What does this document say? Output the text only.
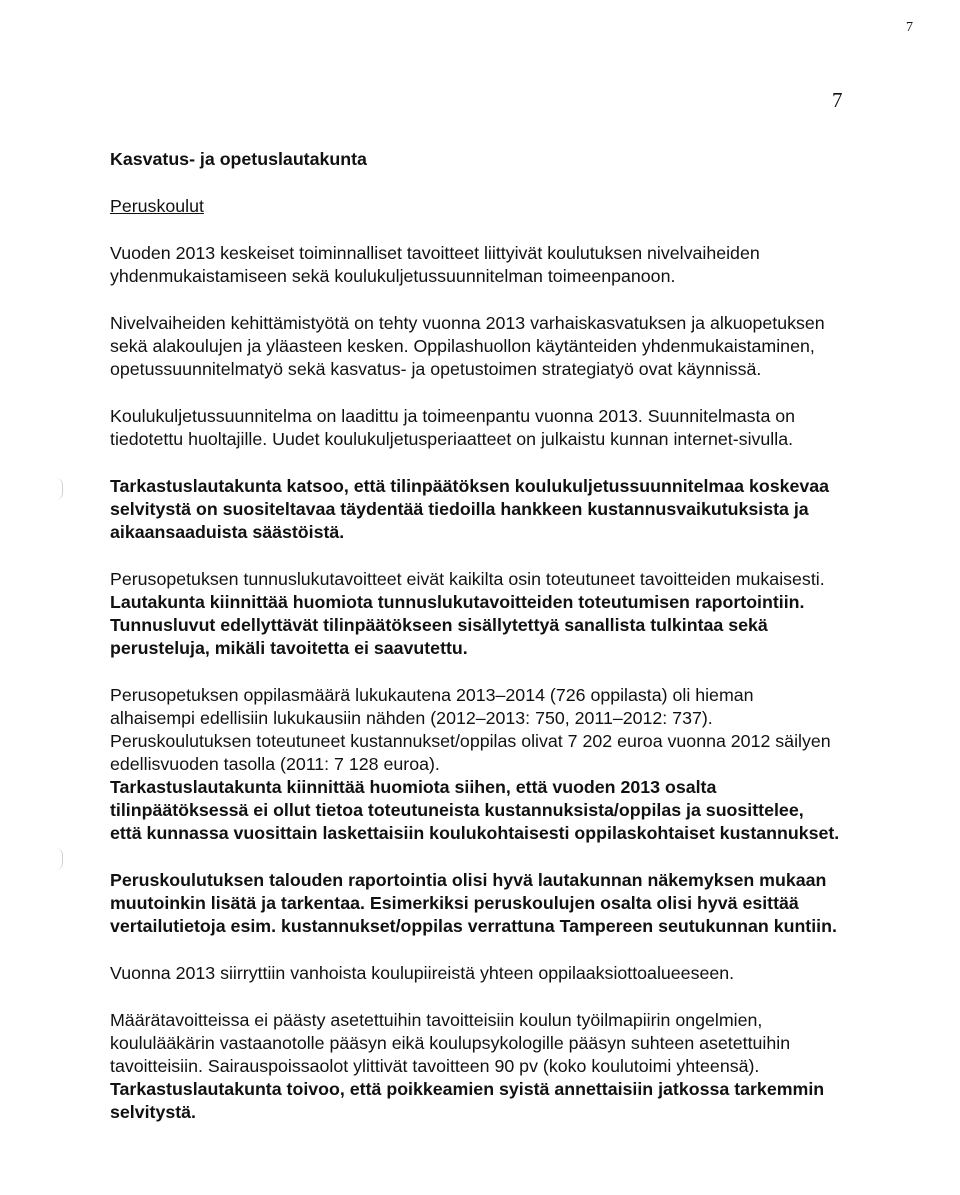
7
7
Kasvatus- ja opetuslautakunta
Peruskoulut

Vuoden 2013 keskeiset toiminnalliset tavoitteet liittyivät koulutuksen nivelvaiheiden yhdenmukaistamiseen sekä koulukuljetussuunnitelman toimeenpanoon.

Nivelvaiheiden kehittämistyötä on tehty vuonna 2013 varhaiskasvatuksen ja alkuopetuksen sekä alakoulujen ja yläasteen kesken. Oppilashuollon käytänteiden yhdenmukaistaminen, opetussuunnitelmatyö sekä kasvatus- ja opetustoimen strategiatyö ovat käynnissä.

Koulukuljetussuunnitelma on laadittu ja toimeenpantu vuonna 2013. Suunnitelmasta on tiedotettu huoltajille. Uudet koulukuljetusperiaatteet on julkaistu kunnan internet-sivulla.

Tarkastuslautakunta katsoo, että tilinpäätöksen koulukuljetussuunnitelmaa koskevaa selvitystä on suositeltavaa täydentää tiedoilla hankkeen kustannusvaikutuksista ja aikaansaaduista säästöistä.

Perusopetuksen tunnuslukutavoitteet eivät kaikilta osin toteutuneet tavoitteiden mukaisesti. Lautakunta kiinnittää huomiota tunnuslukutavoitteiden toteutumisen raportointiin. Tunnusluvut edellyttävät tilinpäätökseen sisällytettyä sanallista tulkintaa sekä perusteluja, mikäli tavoitetta ei saavutettu.

Perusopetuksen oppilasmäärä lukukautena 2013–2014 (726 oppilasta) oli hieman alhaisempi edellisiin lukukausiin nähden (2012–2013: 750, 2011–2012: 737).

Peruskoulutuksen toteutuneet kustannukset/oppilas olivat 7 202 euroa vuonna 2012 säilyen edellisvuoden tasolla (2011: 7 128 euroa).

Tarkastuslautakunta kiinnittää huomiota siihen, että vuoden 2013 osalta tilinpäätöksessä ei ollut tietoa toteutuneista kustannuksista/oppilas ja suosittelee, että kunnassa vuosittain laskettaisiin koulukohtaisesti oppilaskohtaiset kustannukset.

Peruskoulutuksen talouden raportointia olisi hyvä lautakunnan näkemyksen mukaan muutoinkin lisätä ja tarkentaa. Esimerkiksi peruskoulujen osalta olisi hyvä esittää vertailutietoja esim. kustannukset/oppilas verrattuna Tampereen seutukunnan kuntiin.

Vuonna 2013 siirryttiin vanhoista koulupiireistä yhteen oppilaaksiottoalueeseen.

Määrätavoitteissa ei päästy asetettuihin tavoitteisiin koulun työilmapiirin ongelmien, koululääkärin vastaanotolle pääsyn eikä koulupsykologille pääsyn suhteen asetettuihin tavoitteisiin. Sairauspoissaolot ylittivät tavoitteen 90 pv (koko koulutoimi yhteensä). Tarkastuslautakunta toivoo, että poikkeamien syistä annettaisiin jatkossa tarkemmin selvitystä.
